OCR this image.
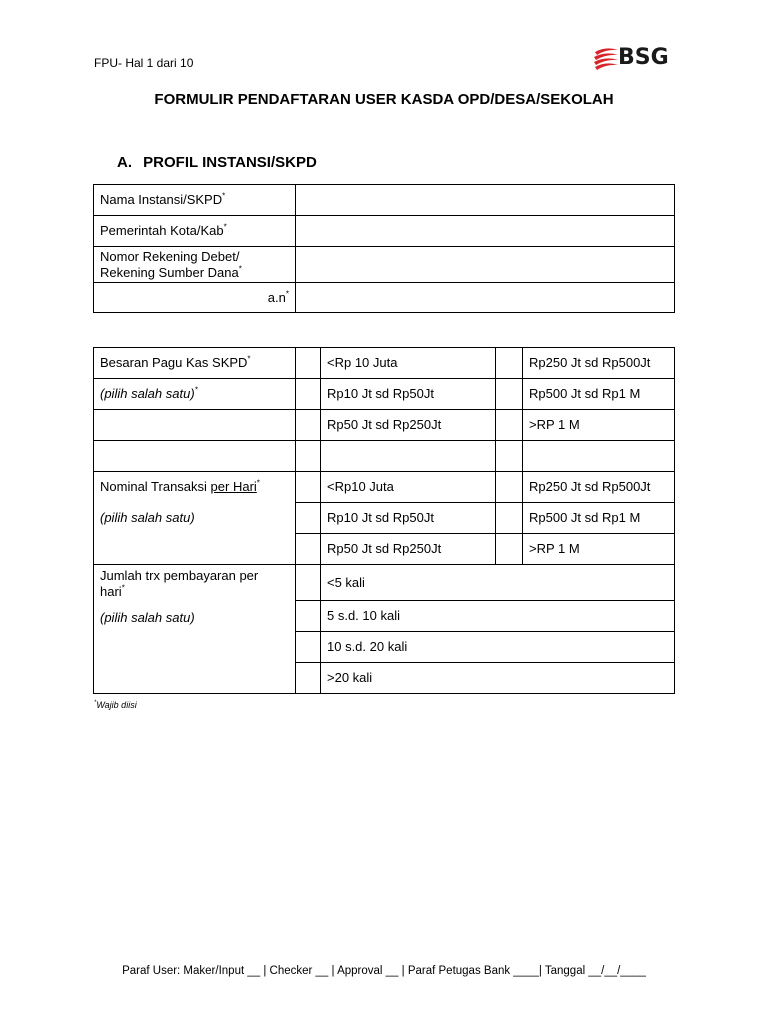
FPU- Hal 1 dari 10	BSG
FORMULIR PENDAFTARAN USER KASDA OPD/DESA/SEKOLAH
A. PROFIL INSTANSI/SKPD
Nama Instansi/SKPD*	
Pemerintah Kota/Kab*	
Nomor Rekening Debet/
Rekening Sumber Dana*	
a.n*	
Besaran Pagu Kas SKPD*		<Rp 10 Juta		Rp250 Jt sd Rp500Jt
(pilih salah satu)*		Rp10 Jt sd Rp50Jt		Rp500 Jt sd Rp1 M
		Rp50 Jt sd Rp250Jt		>RP 1 M

Nominal Transaksi per Hari*
(pilih salah satu)		<Rp10 Juta		Rp250 Jt sd Rp500Jt
		Rp10 Jt sd Rp50Jt		Rp500 Jt sd Rp1 M
		Rp50 Jt sd Rp250Jt		>RP 1 M
Jumlah trx pembayaran per
hari*
(pilih salah satu)		<5 kali		
		5 s.d. 10 kali		
		10 s.d. 20 kali		
		>20 kali		
*Wajib diisi
Paraf User: Maker/Input __ | Checker __ | Approval __ | Paraf Petugas Bank ____| Tanggal __/__/____
